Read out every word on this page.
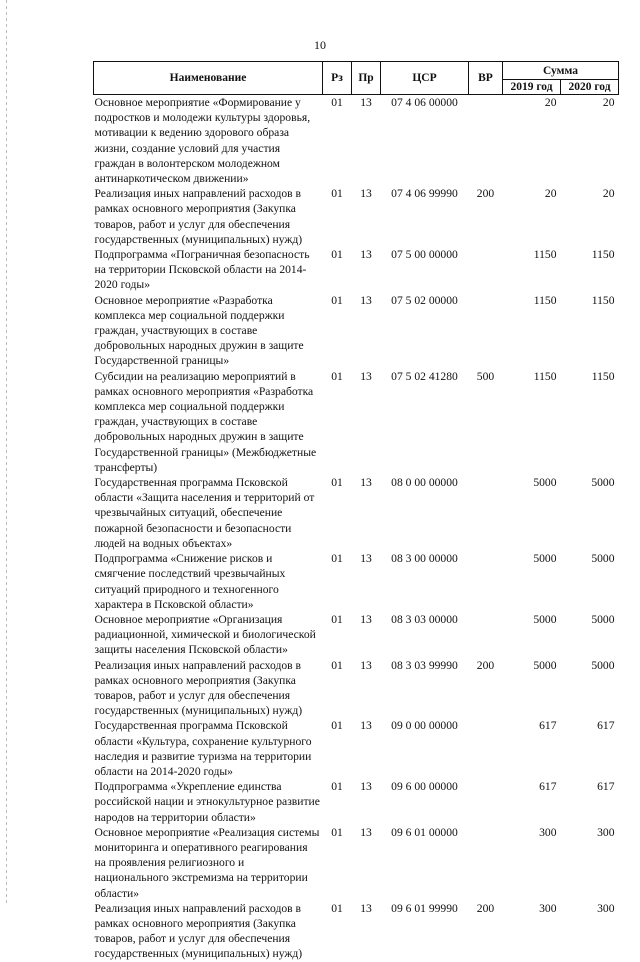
10
Наименование	Рз	Пр	ЦСР	ВР	Сумма	
					2019 год	2020 год
Основное мероприятие «Формирование у подростков и молодежи культуры здоровья, мотивации к ведению здорового образа жизни, создание условий для участия граждан в волонтерском молодежном антинаркотическом движении»	01	13	07 4 06 00000		20	20
Реализация иных направлений расходов в рамках основного мероприятия (Закупка товаров, работ и услуг для обеспечения государственных (муниципальных) нужд)	01	13	07 4 06 99990	200	20	20
Подпрограмма «Пограничная безопасность на территории Псковской области на 2014-2020 годы»	01	13	07 5 00 00000		1150	1150
Основное мероприятие «Разработка комплекса мер социальной поддержки граждан, участвующих в составе добровольных народных дружин в защите Государственной границы»	01	13	07 5 02 00000		1150	1150
Субсидии на реализацию мероприятий в рамках основного мероприятия «Разработка комплекса мер социальной поддержки граждан, участвующих в составе добровольных народных дружин в защите Государственной границы» (Межбюджетные трансферты)	01	13	07 5 02 41280	500	1150	1150
Государственная программа Псковской области «Защита населения и территорий от чрезвычайных ситуаций, обеспечение пожарной безопасности и безопасности людей на водных объектах»	01	13	08 0 00 00000		5000	5000
Подпрограмма «Снижение рисков и смягчение последствий чрезвычайных ситуаций природного и техногенного характера в Псковской области»	01	13	08 3 00 00000		5000	5000
Основное мероприятие «Организация радиационной, химической и биологической защиты населения Псковской области»	01	13	08 3 03 00000		5000	5000
Реализация иных направлений расходов в рамках основного мероприятия (Закупка товаров, работ и услуг для обеспечения государственных (муниципальных) нужд)	01	13	08 3 03 99990	200	5000	5000
Государственная программа Псковской области «Культура, сохранение культурного наследия и развитие туризма на территории области на 2014-2020 годы»	01	13	09 0 00 00000		617	617
Подпрограмма «Укрепление единства российской нации и этнокультурное развитие народов на территории области»	01	13	09 6 00 00000		617	617
Основное мероприятие «Реализация системы мониторинга и оперативного реагирования на проявления религиозного и национального экстремизма на территории области»	01	13	09 6 01 00000		300	300
Реализация иных направлений расходов в рамках основного мероприятия (Закупка товаров, работ и услуг для обеспечения государственных (муниципальных) нужд)	01	13	09 6 01 99990	200	300	300
